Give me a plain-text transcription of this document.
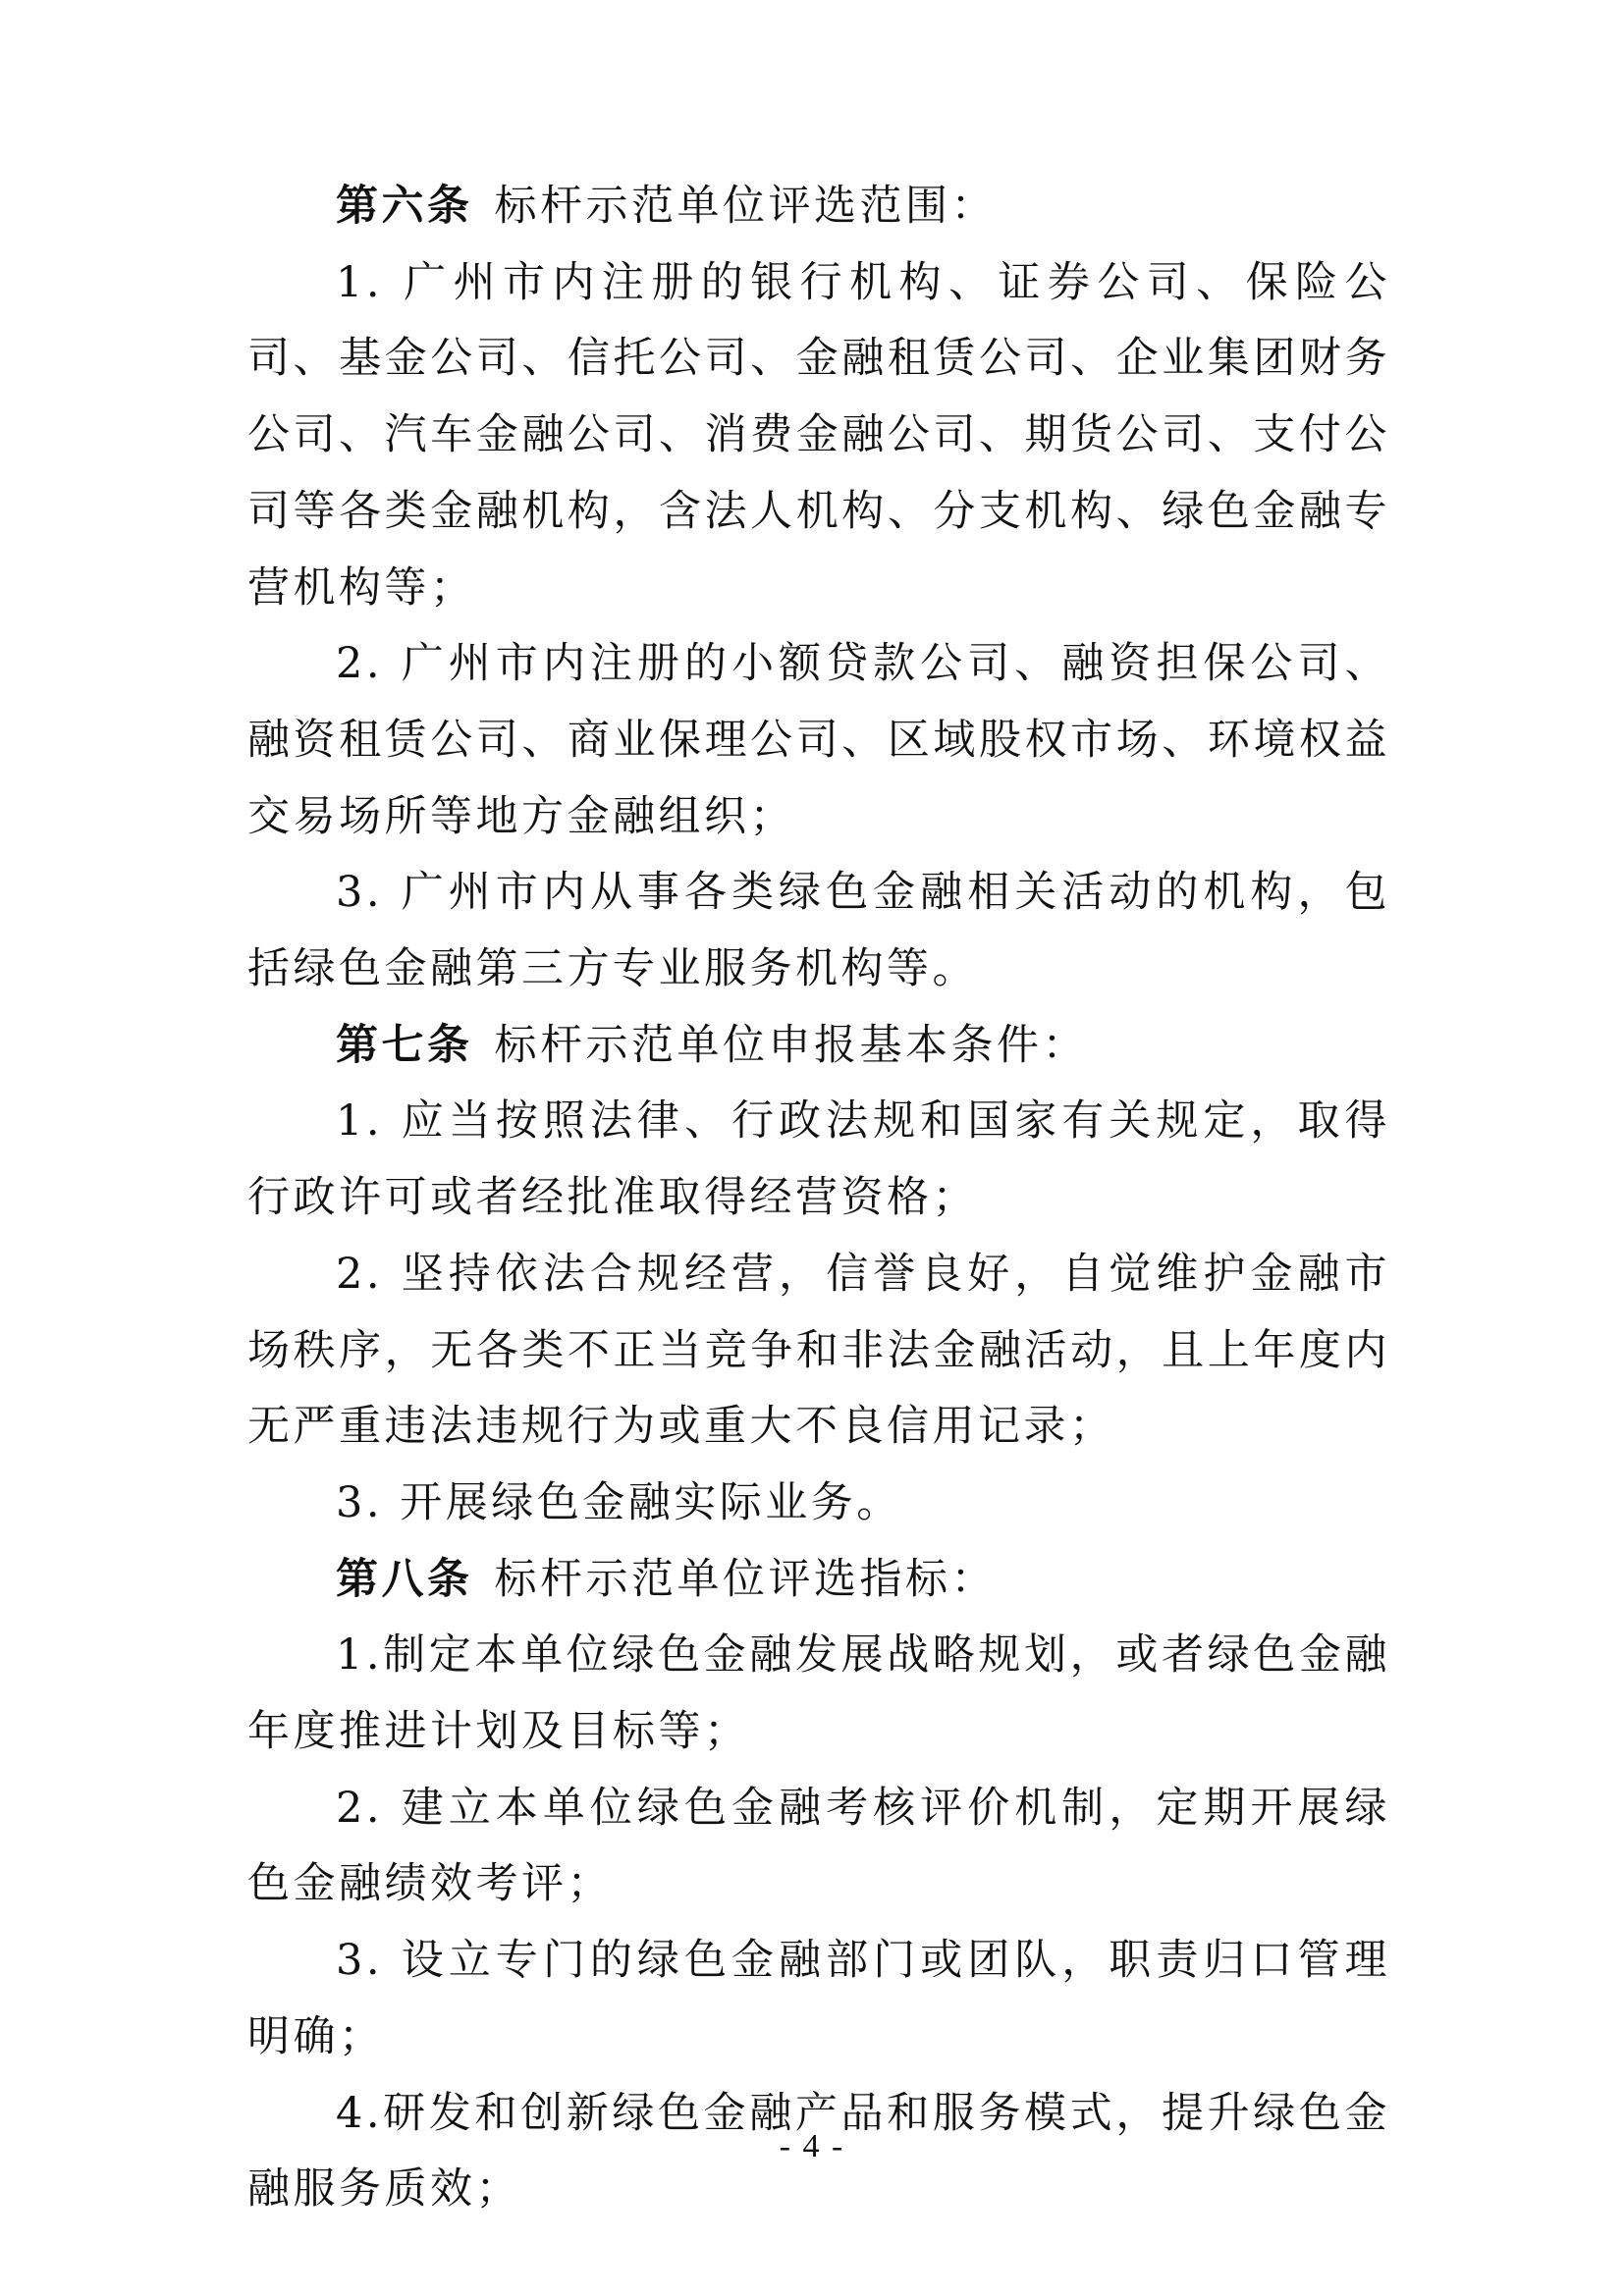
第六条 标杆示范单位评选范围：

1. 广州市内注册的银行机构、证券公司、保险公司、基金公司、信托公司、金融租赁公司、企业集团财务公司、汽车金融公司、消费金融公司、期货公司、支付公司等各类金融机构，含法人机构、分支机构、绿色金融专营机构等；

2. 广州市内注册的小额贷款公司、融资担保公司、融资租赁公司、商业保理公司、区域股权市场、环境权益交易场所等地方金融组织；

3. 广州市内从事各类绿色金融相关活动的机构，包括绿色金融第三方专业服务机构等。

第七条 标杆示范单位申报基本条件：

1. 应当按照法律、行政法规和国家有关规定，取得行政许可或者经批准取得经营资格；

2. 坚持依法合规经营，信誉良好，自觉维护金融市场秩序，无各类不正当竞争和非法金融活动，且上年度内无严重违法违规行为或重大不良信用记录；

3. 开展绿色金融实际业务。

第八条 标杆示范单位评选指标：

1.制定本单位绿色金融发展战略规划，或者绿色金融年度推进计划及目标等；

2. 建立本单位绿色金融考核评价机制，定期开展绿色金融绩效考评；

3. 设立专门的绿色金融部门或团队，职责归口管理明确；

4.研发和创新绿色金融产品和服务模式，提升绿色金融服务质效；

- 4 -
